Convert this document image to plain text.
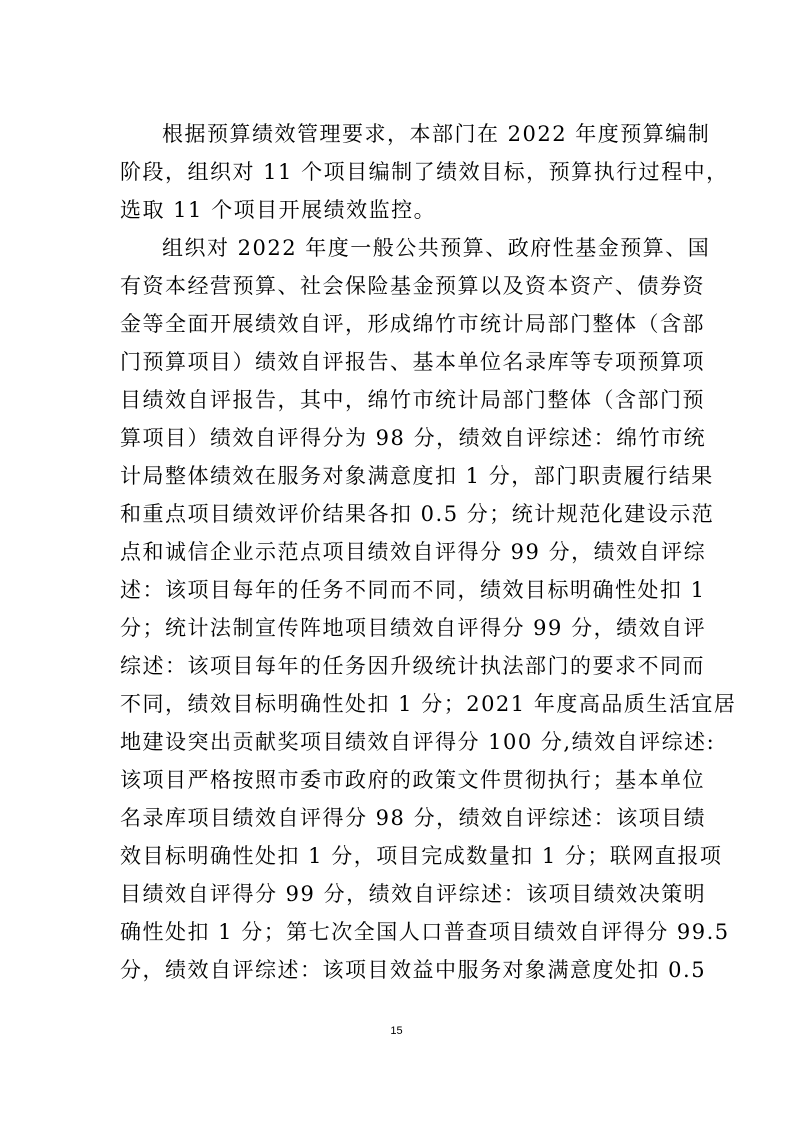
根据预算绩效管理要求，本部门在 2022 年度预算编制
阶段，组织对 11 个项目编制了绩效目标，预算执行过程中，
选取 11 个项目开展绩效监控。
组织对 2022 年度一般公共预算、政府性基金预算、国
有资本经营预算、社会保险基金预算以及资本资产、债券资
金等全面开展绩效自评，形成绵竹市统计局部门整体（含部
门预算项目）绩效自评报告、基本单位名录库等专项预算项
目绩效自评报告，其中，绵竹市统计局部门整体（含部门预
算项目）绩效自评得分为 98 分，绩效自评综述：绵竹市统
计局整体绩效在服务对象满意度扣 1 分，部门职责履行结果
和重点项目绩效评价结果各扣 0.5 分；统计规范化建设示范
点和诚信企业示范点项目绩效自评得分 99 分，绩效自评综
述：该项目每年的任务不同而不同，绩效目标明确性处扣 1
分；统计法制宣传阵地项目绩效自评得分 99 分，绩效自评
综述：该项目每年的任务因升级统计执法部门的要求不同而
不同，绩效目标明确性处扣 1 分；2021 年度高品质生活宜居
地建设突出贡献奖项目绩效自评得分 100 分,绩效自评综述:
该项目严格按照市委市政府的政策文件贯彻执行；基本单位
名录库项目绩效自评得分 98 分，绩效自评综述：该项目绩
效目标明确性处扣 1 分，项目完成数量扣 1 分；联网直报项
目绩效自评得分 99 分，绩效自评综述：该项目绩效决策明
15
确性处扣 1 分；第七次全国人口普查项目绩效自评得分 99.5
分，绩效自评综述：该项目效益中服务对象满意度处扣 0.5
